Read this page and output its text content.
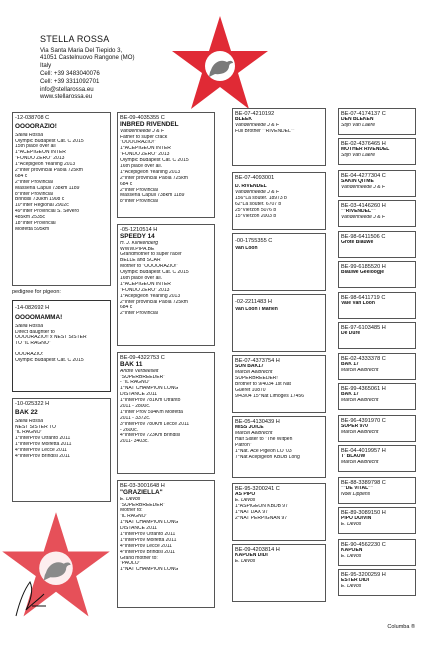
STELLA ROSSA
Via Santa Maria Del Tiepido 3,
41051 Castelnuovo Rangone (MO)
Italy
Cell: +39 3483040076
Cell: +39 3311092701
info@stellarossa.eu
www.stellarossa.eu
-12-038708 C
OOOORAZIO!
Stella Rossa
Olympic Budapest Cat. C 2015
15th place over all
1°ACEPIGEON INTER
"FONDO ZERO" 2013
1°Acepigeon Yearling 2013
2°Inter provincial Paola 725km
684 c
2°Inter Provincial
Masseria Capuli 738km 1189
8°Inter Provincial
Brindisi 730km 1908 c
10°Inter Regional 2902c
49°Inter Provincial S. Severo
485km 2535c
18°Inter Provincial
Molfetta 595km
pedigree for pigeon:
-14-082692 H
OOOOMAMMA!
Stella Rossa
Direct daughter to
OOOORAZIO!! x NEST SISTER
TO "IL RAGNO"
OOORAZIO:
Olympic Budapest Cat. C 2015
-10-025322 H
BAK 22
Stella Rossa
NEST SISTER TO
"IL RAGNO"
1°InterProv Otranto 2011
1°InterProv Molfetta 2011
4°InterProv Lecce 2011
4°InterProv Brindisi 2011
BE-09-4035355 C
INBRED RIVENDEL
Vandenheede J & F
Father to super crack
"OOOORAZIO!"
1°ACEPIGEON INTER
"FONDO ZERO" 2013
Olympic Budapest Cat. C 2015
16th place over all.
1°Acepigeon Yearling 2013
2°Inter provincial Paola 725km
684 c
2°Inter Provincial
Masseria Capuli 738km 1189
8°Inter Provincial
-05-1210514 H
SPEEDY 14
H. J. Klinkenberg
WWW.PIPA.BE
Grandmother to super racer
BELLE and SCAR
Mother to "OOOORAZIO!"
Olympic Budapest Cat. C 2015
16th place over all.
1°ACEPIGEON INTER
"FONDO ZERO" 2013
1°Acepigeon Yearling 2013
2°Inter provincial Paola 725km
684 c
2°Inter Provincial
BE-09-4322753 C
BAK 11
Andre Verbeeselt
"SUPERBREEDER"
- "IL RAGNO"
1°NAT CHAMPION LONG
DISTANCE 2011
1°InterProv 781Km Otranto
2011 - 2800c.
1°Inter Prov 594Km Molfetta
2011 - 3372c.
3°InterProv 780Km Lecce 2011
- 2600c.
4°InterProv 723Km Brindisi
2011- 3403c.
BE-03-3001648 H
"GRAZIELLA"
E. Devos
"SUPERBREEDER"
Mother to:
"IL RAGNO"
1°NAT CHAMPION LONG
DISTANCE 2011
1°InterProv Otranto 2011
1°InterProv Molfetta 2011
4°InterProv Lecce 2011
4°InterProv Brindisi 2011
Grand mother to:
"PAOLO"
1°NAT CHAMPION LONG
BE-07-4210192
BLEEK
Vandenheede J & F
Full Brother ""RIVENDEL""
BE-07-4093001
D. RIVENDEL
Vandenheede J & F
156°La souter. 18973 b
62°La souter. 6707 b
25°Vierzon 5076 b
15°Vierzon 2003 b
-00-1755355 C
Van Loon
-02-2211483 H
Van Loon / Marien
BE-07-4373754 H
SON BAK17
Marcel Aelbrecht
SUPERBREEDER!
Brother to 9/4034 1st Nat
Gueret 10870
9/43/04 15°Nat Limoges 17456
BE-05-4130439 H
MISS JOICE
Marcel Aelbrecht
Half Sister to "The Witpen
Patron"
1°Nat. Ace Pigeon LO '03
7°Nat Acepigeon KBDB Long
BE-95-3200241 C
AS PIPO
E. Devos
1°ASPIGEON KBDB 97
1°NAT DAX 97
2°NAT PERPIGNAN 97
BE-09-4203814 H
KAPOEN DIDI
E. Devos
BE-07-4174137 C
DEN BLEKEN
Stijn Van Laere
BE-02-4376465 H
MOTHER RIVENDEL
Stijn Van Laere
BE-04-4277304 C
SAKIN QITME
Vandenheede J & F
BE-03-4146260 H
""RIVENDEL""
Vandenheede J & F
BE-98-6411506 C
Grote Blauwe
BE-99-6185520 H
Blauwe Geeloogje
BE-98-6411719 C
Vale Van Loon
BE-97-6103485 H
De Dure
BE-02-4333378 C
BAK 17
Marcel Aelbrecht
BE-99-4365061 H
BAK 17
Marcel Aelbrecht
BE-96-4391970 C
SUPER 970
Marcel Aelbrecht
BE-04-4019957 H
T' BLAUW
Marcel Aelbrecht
BE-88-3389798 C
""DE VITAL""
Noel Lippens
BE-89-3089150 H
PIPO DUIVIN
E. Devos
BE-90-4562230 C
KAPOEN
E. Devos
BE-95-3200259 H
ESTER DIDI
E. Devos
Columba ®
